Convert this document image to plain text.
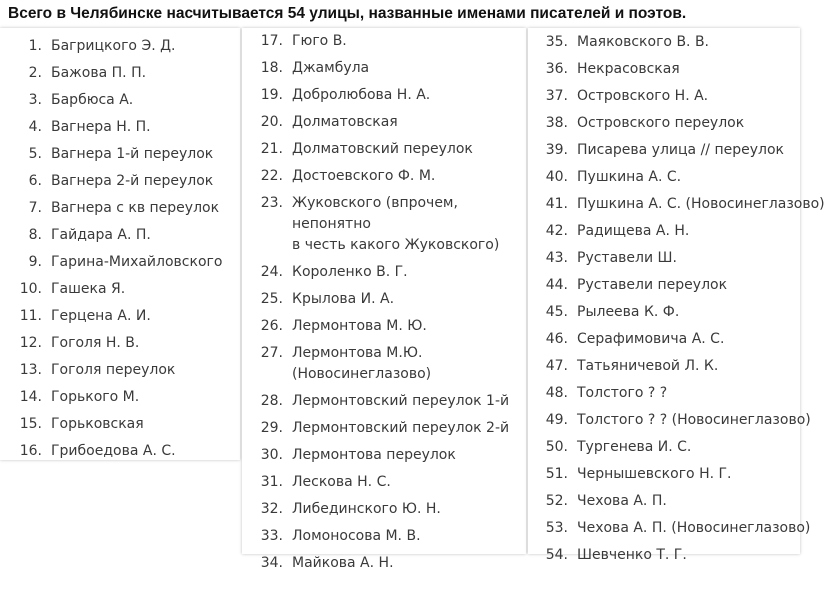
Всего в Челябинске насчитывается 54 улицы, названные именами писателей и поэтов.
1. Багрицкого Э. Д.
2. Бажова П. П.
3. Барбюса А.
4. Вагнера Н. П.
5. Вагнера 1-й переулок
6. Вагнера 2-й переулок
7. Вагнера с кв переулок
8. Гайдара А. П.
9. Гарина-Михайловского
10. Гашека Я.
11. Герцена А. И.
12. Гоголя Н. В.
13. Гоголя переулок
14. Горького М.
15. Горьковская
16. Грибоедова А. С.
17. Гюго В.
18. Джамбула
19. Добролюбова Н. А.
20. Долматовская
21. Долматовский переулок
22. Достоевского Ф. М.
23. Жуковского (впрочем, непонятно
в честь какого Жуковского)
24. Короленко В. Г.
25. Крылова И. А.
26. Лермонтова М. Ю.
27. Лермонтова М.Ю.
(Новосинеглазово)
28. Лермонтовский переулок 1-й
29. Лермонтовский переулок 2-й
30. Лермонтова переулок
31. Лескова Н. С.
32. Либединского Ю. Н.
33. Ломоносова М. В.
34. Майкова А. Н.
35. Маяковского В. В.
36. Некрасовская
37. Островского Н. А.
38. Островского переулок
39. Писарева улица // переулок
40. Пушкина А. С.
41. Пушкина А. С. (Новосинеглазово)
42. Радищева А. Н.
43. Руставели Ш.
44. Руставели переулок
45. Рылеева К. Ф.
46. Серафимовича А. С.
47. Татьяничевой Л. К.
48. Толстого ? ?
49. Толстого ? ? (Новосинеглазово)
50. Тургенева И. С.
51. Чернышевского Н. Г.
52. Чехова А. П.
53. Чехова А. П. (Новосинеглазово)
54. Шевченко Т. Г.
